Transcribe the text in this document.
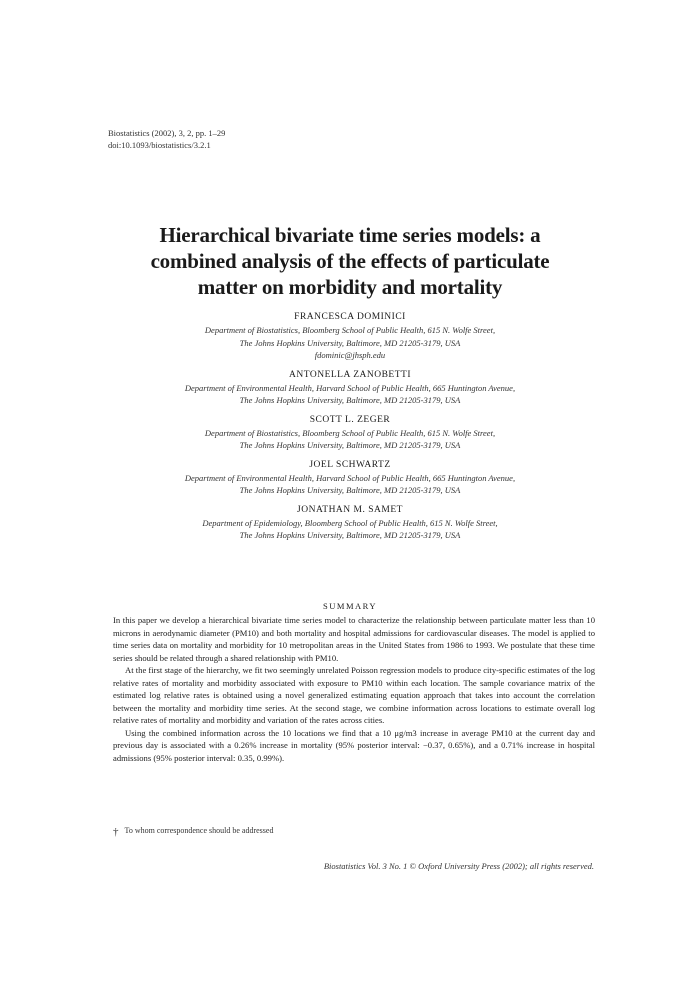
Biostatistics (2002), 3, 2, pp. 1–29
doi:10.1093/biostatistics/3.2.1
Hierarchical bivariate time series models: a
combined analysis of the effects of particulate
matter on morbidity and mortality
FRANCESCA DOMINICI
Department of Biostatistics, Bloomberg School of Public Health, 615 N. Wolfe Street,
The Johns Hopkins University, Baltimore, MD 21205-3179, USA
fdominic@jhsph.edu
ANTONELLA ZANOBETTI
Department of Environmental Health, Harvard School of Public Health, 665 Huntington Avenue,
The Johns Hopkins University, Baltimore, MD 21205-3179, USA
SCOTT L. ZEGER
Department of Biostatistics, Bloomberg School of Public Health, 615 N. Wolfe Street,
The Johns Hopkins University, Baltimore, MD 21205-3179, USA
JOEL SCHWARTZ
Department of Environmental Health, Harvard School of Public Health, 665 Huntington Avenue,
The Johns Hopkins University, Baltimore, MD 21205-3179, USA
JONATHAN M. SAMET
Department of Epidemiology, Bloomberg School of Public Health, 615 N. Wolfe Street,
The Johns Hopkins University, Baltimore, MD 21205-3179, USA
SUMMARY

In this paper we develop a hierarchical bivariate time series model to characterize the relationship between particulate matter less than 10 microns in aerodynamic diameter (PM10) and both mortality and hospital admissions for cardiovascular diseases. The model is applied to time series data on mortality and morbidity for 10 metropolitan areas in the United States from 1986 to 1993. We postulate that these time series should be related through a shared relationship with PM10.

At the first stage of the hierarchy, we fit two seemingly unrelated Poisson regression models to produce city-specific estimates of the log relative rates of mortality and morbidity associated with exposure to PM10 within each location. The sample covariance matrix of the estimated log relative rates is obtained using a novel generalized estimating equation approach that takes into account the correlation between the mortality and morbidity time series. At the second stage, we combine information across locations to estimate overall log relative rates of mortality and morbidity and variation of the rates across cities.

Using the combined information across the 10 locations we find that a 10 μg/m3 increase in average PM10 at the current day and previous day is associated with a 0.26% increase in mortality (95% posterior interval: −0.37, 0.65%), and a 0.71% increase in hospital admissions (95% posterior interval: 0.35, 0.99%).

† To whom correspondence should be addressed
Biostatistics Vol. 3 No. 1 © Oxford University Press (2002); all rights reserved.
